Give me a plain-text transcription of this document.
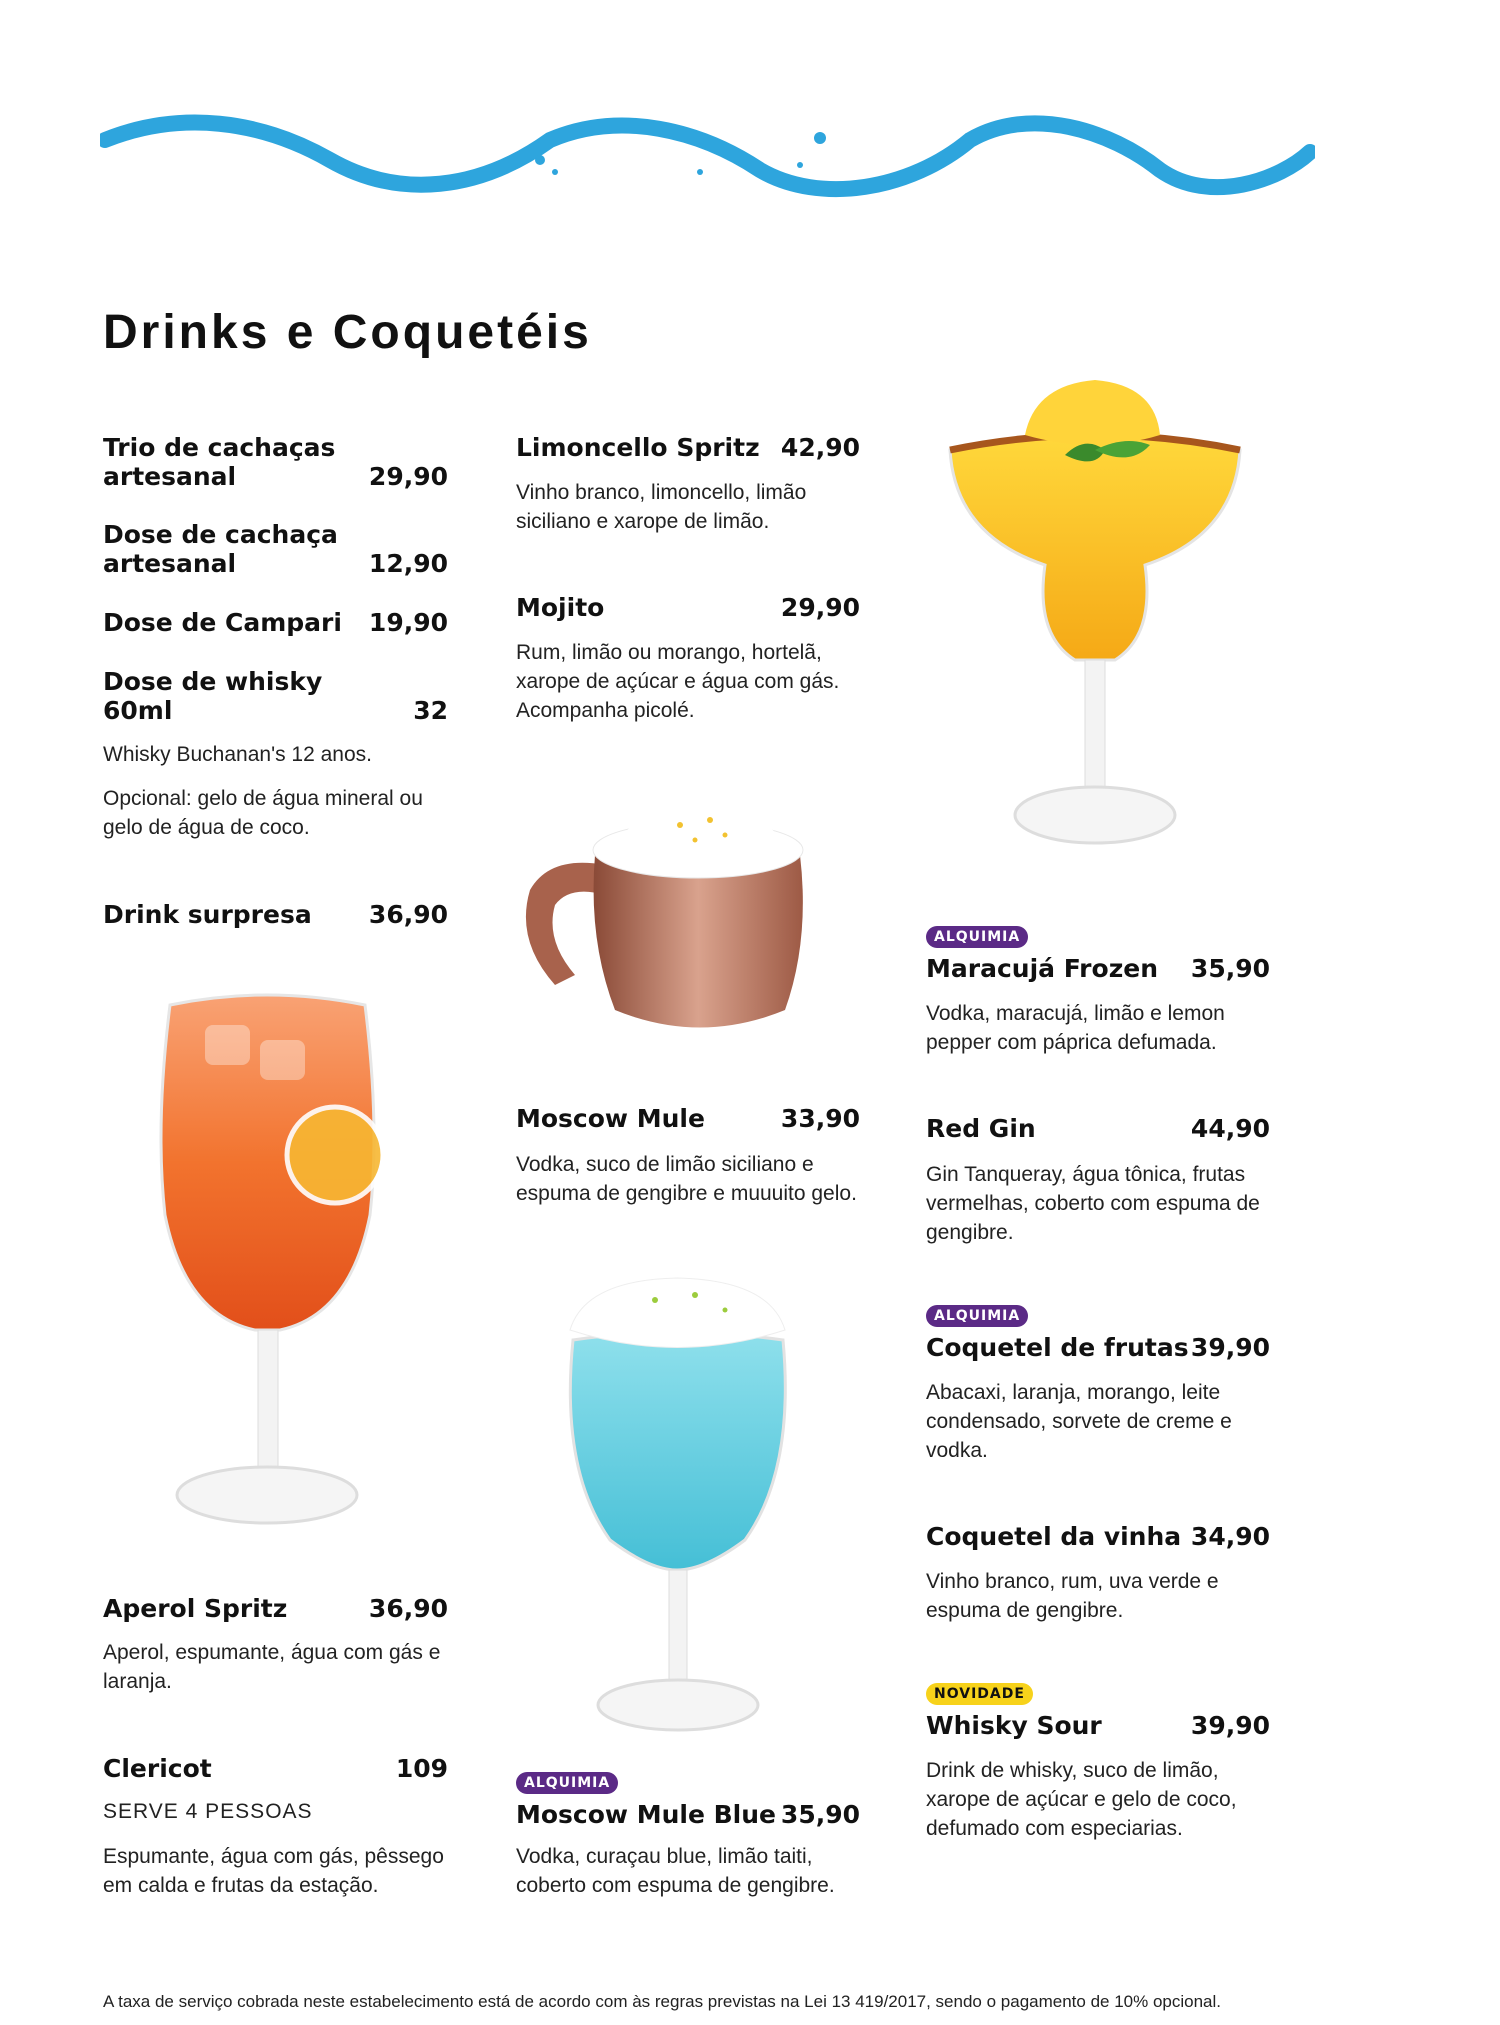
Drinks e Coquetéis
Trio de cachaças
artesanal	29,90
Dose de cachaça
artesanal	12,90
Dose de Campari	19,90
Dose de whisky
60ml	32
Whisky Buchanan's 12 anos.
Opcional: gelo de água mineral ou
gelo de água de coco.
Drink surpresa	36,90
Aperol Spritz	36,90
Aperol, espumante, água com gás e
laranja.
Clericot	109
SERVE 4 PESSOAS
Espumante, água com gás, pêssego
em calda e frutas da estação.
Limoncello Spritz 42,90
Vinho branco, limoncello, limão
siciliano e xarope de limão.
Mojito	29,90
Rum, limão ou morango, hortelã,
xarope de açúcar e água com gás.
Acompanha picolé.
Moscow Mule	33,90
Vodka, suco de limão siciliano e
espuma de gengibre e muuuito gelo.
ALQUIMIA
Moscow Mule Blue 35,90
Vodka, curaçau blue, limão taiti,
coberto com espuma de gengibre.
ALQUIMIA
Maracujá Frozen	35,90
Vodka, maracujá, limão e lemon
pepper com páprica defumada.
Red Gin	44,90
Gin Tanqueray, água tônica, frutas
vermelhas, coberto com espuma de
gengibre.
ALQUIMIA
Coquetel de frutas 39,90
Abacaxi, laranja, morango, leite
condensado, sorvete de creme e
vodka.
Coquetel da vinha 34,90
Vinho branco, rum, uva verde e
espuma de gengibre.
NOVIDADE
Whisky Sour	39,90
Drink de whisky, suco de limão,
xarope de açúcar e gelo de coco,
defumado com especiarias.
A taxa de serviço cobrada neste estabelecimento está de acordo com às regras previstas na Lei 13 419/2017, sendo o pagamento de 10% opcional.
